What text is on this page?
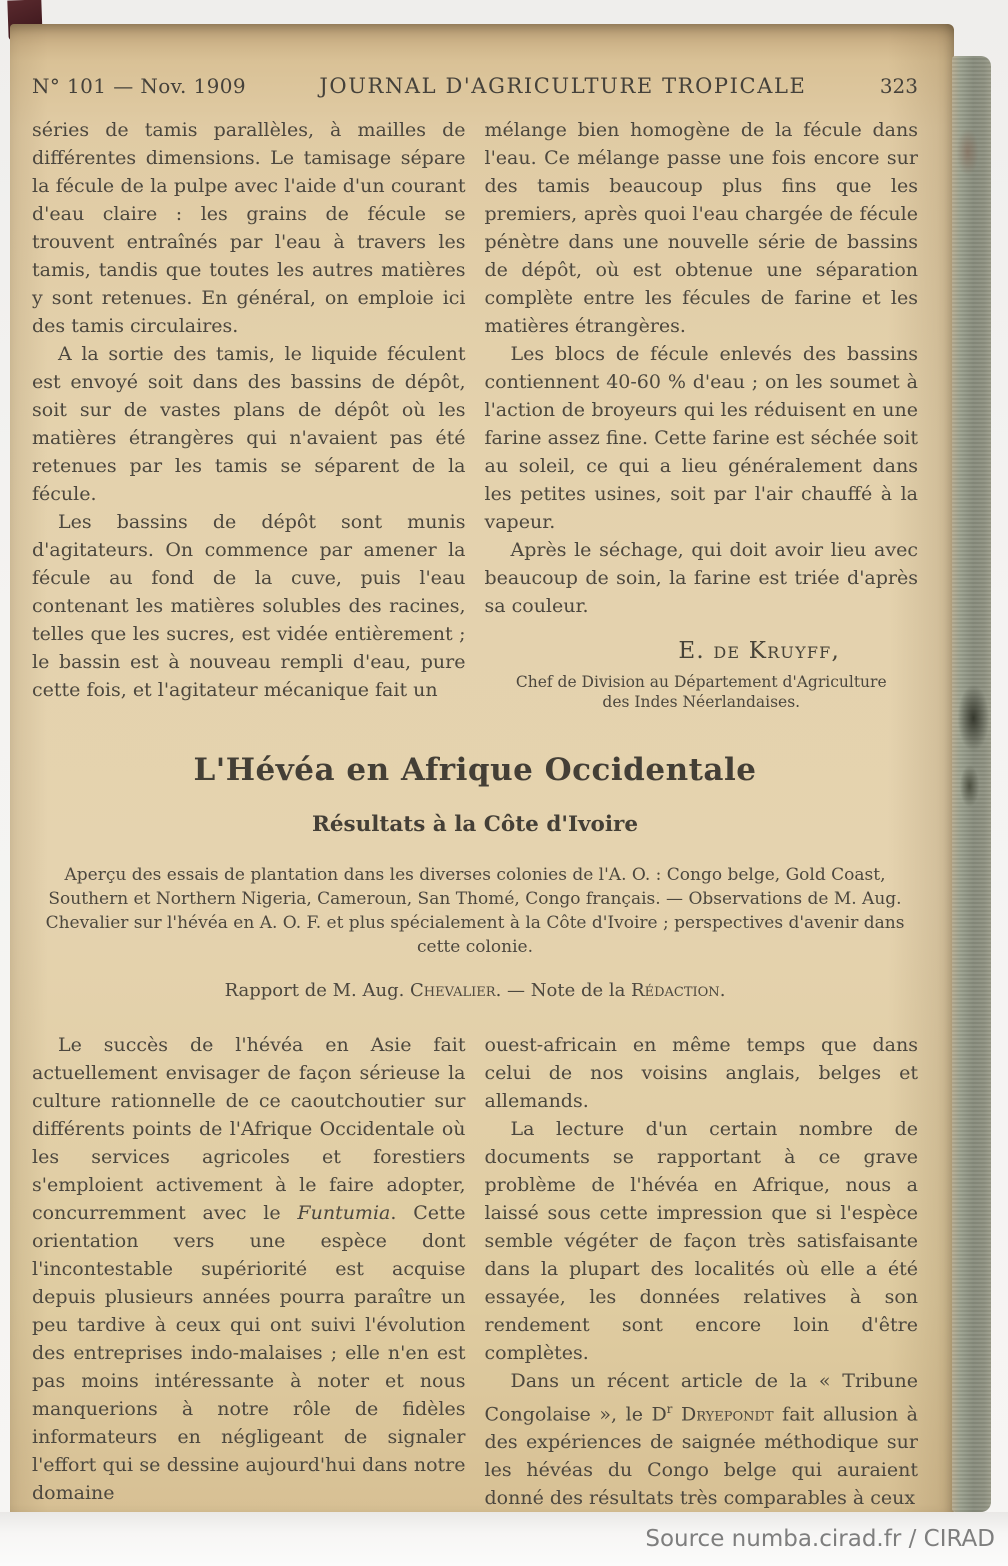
N° 101 — Nov. 1909	JOURNAL D'AGRICULTURE TROPICALE	323

séries de tamis parallèles, à mailles de différentes dimensions. Le tamisage sépare la fécule de la pulpe avec l'aide d'un courant d'eau claire : les grains de fécule se trouvent entraînés par l'eau à travers les tamis, tandis que toutes les autres matières y sont retenues. En général, on emploie ici des tamis circulaires.

A la sortie des tamis, le liquide féculent est envoyé soit dans des bassins de dépôt, soit sur de vastes plans de dépôt où les matières étrangères qui n'avaient pas été retenues par les tamis se séparent de la fécule.

Les bassins de dépôt sont munis d'agitateurs. On commence par amener la fécule au fond de la cuve, puis l'eau contenant les matières solubles des racines, telles que les sucres, est vidée entièrement ; le bassin est à nouveau rempli d'eau, pure cette fois, et l'agitateur mécanique fait un

mélange bien homogène de la fécule dans l'eau. Ce mélange passe une fois encore sur des tamis beaucoup plus fins que les premiers, après quoi l'eau chargée de fécule pénètre dans une nouvelle série de bassins de dépôt, où est obtenue une séparation complète entre les fécules de farine et les matières étrangères.

Les blocs de fécule enlevés des bassins contiennent 40-60 % d'eau ; on les soumet à l'action de broyeurs qui les réduisent en une farine assez fine. Cette farine est séchée soit au soleil, ce qui a lieu généralement dans les petites usines, soit par l'air chauffé à la vapeur.

Après le séchage, qui doit avoir lieu avec beaucoup de soin, la farine est triée d'après sa couleur.

E. de Kruyff,
Chef de Division au Département d'Agriculture des Indes Néerlandaises.
L'Hévéa en Afrique Occidentale
Résultats à la Côte d'Ivoire

Aperçu des essais de plantation dans les diverses colonies de l'A. O. : Congo belge, Gold Coast, Southern et Northern Nigeria, Cameroun, San Thomé, Congo français. — Observations de M. Aug. Chevalier sur l'hévéa en A. O. F. et plus spécialement à la Côte d'Ivoire ; perspectives d'avenir dans cette colonie.

Rapport de M. Aug. Chevalier. — Note de la Rédaction.

Le succès de l'hévéa en Asie fait actuellement envisager de façon sérieuse la culture rationnelle de ce caoutchoutier sur différents points de l'Afrique Occidentale où les services agricoles et forestiers s'emploient activement à le faire adopter, concurremment avec le Funtumia. Cette orientation vers une espèce dont l'incontestable supériorité est acquise depuis plusieurs années pourra paraître un peu tardive à ceux qui ont suivi l'évolution des entreprises indo-malaises ; elle n'en est pas moins intéressante à noter et nous manquerions à notre rôle de fidèles informateurs en négligeant de signaler l'effort qui se dessine aujourd'hui dans notre domaine

ouest-africain en même temps que dans celui de nos voisins anglais, belges et allemands.

La lecture d'un certain nombre de documents se rapportant à ce grave problème de l'hévéa en Afrique, nous a laissé sous cette impression que si l'espèce semble végéter de façon très satisfaisante dans la plupart des localités où elle a été essayée, les données relatives à son rendement sont encore loin d'être complètes.

Dans un récent article de la « Tribune Congolaise », le $D^r$ Dryepondt fait allusion à des expériences de saignée méthodique sur les hévéas du Congo belge qui auraient donné des résultats très comparables à ceux

Source numba.cirad.fr / CIRAD
